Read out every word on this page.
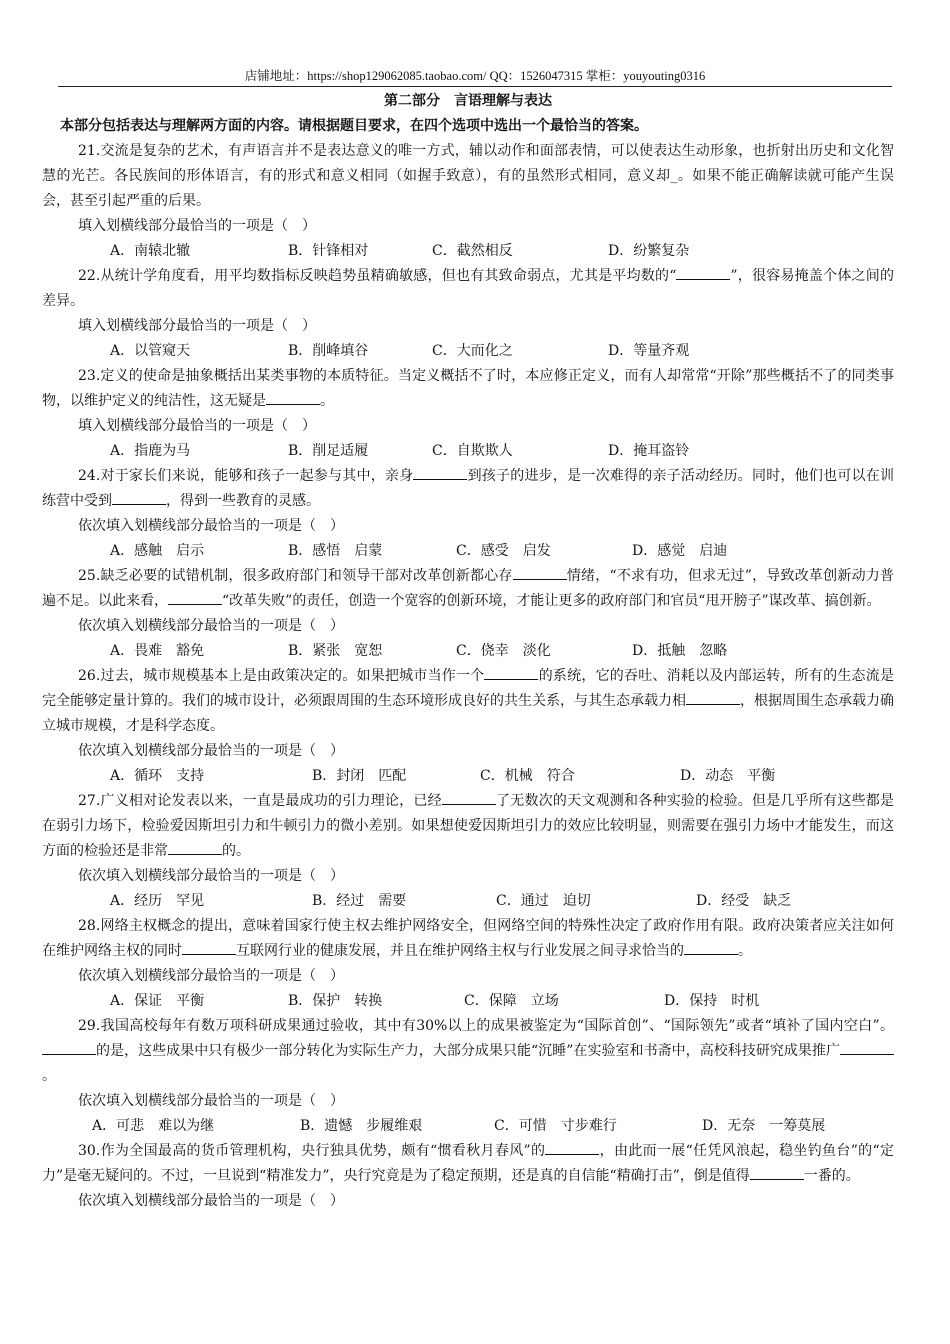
店铺地址：https://shop129062085.taobao.com/ QQ：1526047315 掌柜：youyouting0316
第二部分　言语理解与表达
本部分包括表达与理解两方面的内容。请根据题目要求，在四个选项中选出一个最恰当的答案。
21.交流是复杂的艺术，有声语言并不是表达意义的唯一方式，辅以动作和面部表情，可以使表达生动形象，也折射出历史和文化智慧的光芒。各民族间的形体语言，有的形式和意义相同（如握手致意），有的虽然形式相同，意义却_。如果不能正确解读就可能产生误会，甚至引起严重的后果。
填入划横线部分最恰当的一项是（　）
A．南辕北辙	B．针锋相对	C．截然相反	D．纷繁复杂
22.从统计学角度看，用平均数指标反映趋势虽精确敏感，但也有其致命弱点，尤其是平均数的“	”，很容易掩盖个体之间的差异。
填入划横线部分最恰当的一项是（　）
A．以管窥天	B．削峰填谷	C．大而化之	D．等量齐观
23.定义的使命是抽象概括出某类事物的本质特征。当定义概括不了时，本应修正定义，而有人却常常“开除”那些概括不了的同类事物，以维护定义的纯洁性，这无疑是	。
填入划横线部分最恰当的一项是（　）
A．指鹿为马	B．削足适履	C．自欺欺人	D．掩耳盗铃
24.对于家长们来说，能够和孩子一起参与其中，亲身	到孩子的进步，是一次难得的亲子活动经历。同时，他们也可以在训练营中受到	，得到一些教育的灵感。
依次填入划横线部分最恰当的一项是（　）
A．感触　启示	B．感悟　启蒙	C．感受　启发	D．感觉　启迪
25.缺乏必要的试错机制，很多政府部门和领导干部对改革创新都心存	情绪，“不求有功，但求无过”，导致改革创新动力普遍不足。以此来看，	“改革失败”的责任，创造一个宽容的创新环境，才能让更多的政府部门和官员“甩开膀子”谋改革、搞创新。
依次填入划横线部分最恰当的一项是（　）
A．畏难　豁免	B．紧张　宽恕	C．侥幸　淡化	D．抵触　忽略
26.过去，城市规模基本上是由政策决定的。如果把城市当作一个	的系统，它的吞吐、消耗以及内部运转，所有的生态流是完全能够定量计算的。我们的城市设计，必须跟周围的生态环境形成良好的共生关系，与其生态承载力相	，根据周围生态承载力确立城市规模，才是科学态度。
依次填入划横线部分最恰当的一项是（　）
A．循环　支持	B．封闭　匹配	C．机械　符合	D．动态　平衡
27.广义相对论发表以来，一直是最成功的引力理论，已经	了无数次的天文观测和各种实验的检验。但是几乎所有这些都是在弱引力场下，检验爱因斯坦引力和牛顿引力的微小差别。如果想使爱因斯坦引力的效应比较明显，则需要在强引力场中才能发生，而这方面的检验还是非常	的。
依次填入划横线部分最恰当的一项是（　）
A．经历　罕见	B．经过　需要	C．通过　迫切	D．经受　缺乏
28.网络主权概念的提出，意味着国家行使主权去维护网络安全，但网络空间的特殊性决定了政府作用有限。政府决策者应关注如何在维护网络主权的同时	互联网行业的健康发展，并且在维护网络主权与行业发展之间寻求恰当的	。
依次填入划横线部分最恰当的一项是（　）
A．保证　平衡	B．保护　转换	C．保障　立场	D．保持　时机
29.我国高校每年有数万项科研成果通过验收，其中有30%以上的成果被鉴定为“国际首创”、“国际领先”或者“填补了国内空白”。的是，这些成果中只有极少一部分转化为实际生产力，大部分成果只能“沉睡”在实验室和书斋中，高校科技研究成果推广。
依次填入划横线部分最恰当的一项是（　）
A．可悲　难以为继	B．遗憾　步履维艰	C．可惜　寸步难行	D．无奈　一筹莫展
30.作为全国最高的货币管理机构，央行独具优势，颇有“惯看秋月春风”的	，由此而一展“任凭风浪起，稳坐钓鱼台”的“定力”是毫无疑问的。不过，一旦说到“精准发力”，央行究竟是为了稳定预期，还是真的自信能“精确打击”，倒是值得	一番的。
依次填入划横线部分最恰当的一项是（　）
